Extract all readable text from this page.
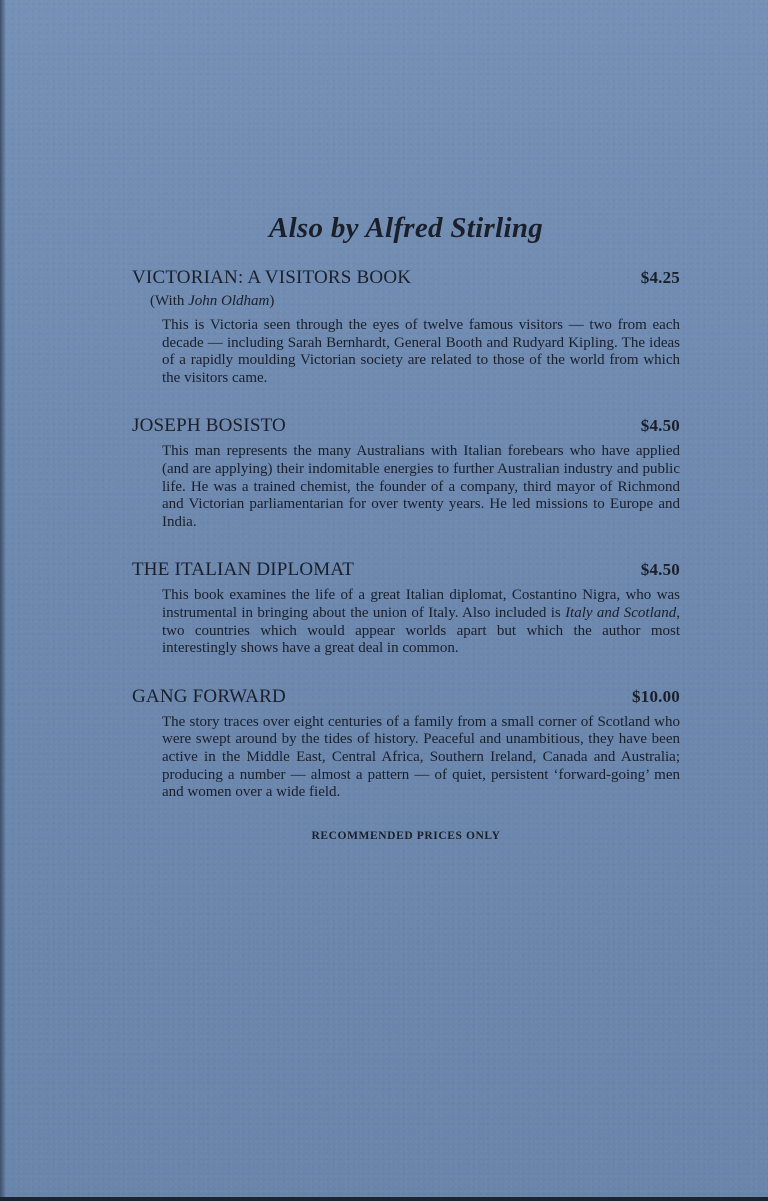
Also by Alfred Stirling
VICTORIAN: A VISITORS BOOK	$4.25
(With John Oldham)

This is Victoria seen through the eyes of twelve famous visitors — two from each decade — including Sarah Bernhardt, General Booth and Rudyard Kipling. The ideas of a rapidly moulding Victorian society are related to those of the world from which the visitors came.

JOSEPH BOSISTO	$4.50

This man represents the many Australians with Italian forebears who have applied (and are applying) their indomitable energies to further Australian industry and public life. He was a trained chemist, the founder of a company, third mayor of Richmond and Victorian parliamentarian for over twenty years. He led missions to Europe and India.

THE ITALIAN DIPLOMAT	$4.50

This book examines the life of a great Italian diplomat, Costantino Nigra, who was instrumental in bringing about the union of Italy. Also included is Italy and Scotland, two countries which would appear worlds apart but which the author most interestingly shows have a great deal in common.

GANG FORWARD	$10.00

The story traces over eight centuries of a family from a small corner of Scotland who were swept around by the tides of history. Peaceful and unambitious, they have been active in the Middle East, Central Africa, Southern Ireland, Canada and Australia; producing a number — almost a pattern — of quiet, persistent ‘forward-going’ men and women over a wide field.

RECOMMENDED PRICES ONLY
